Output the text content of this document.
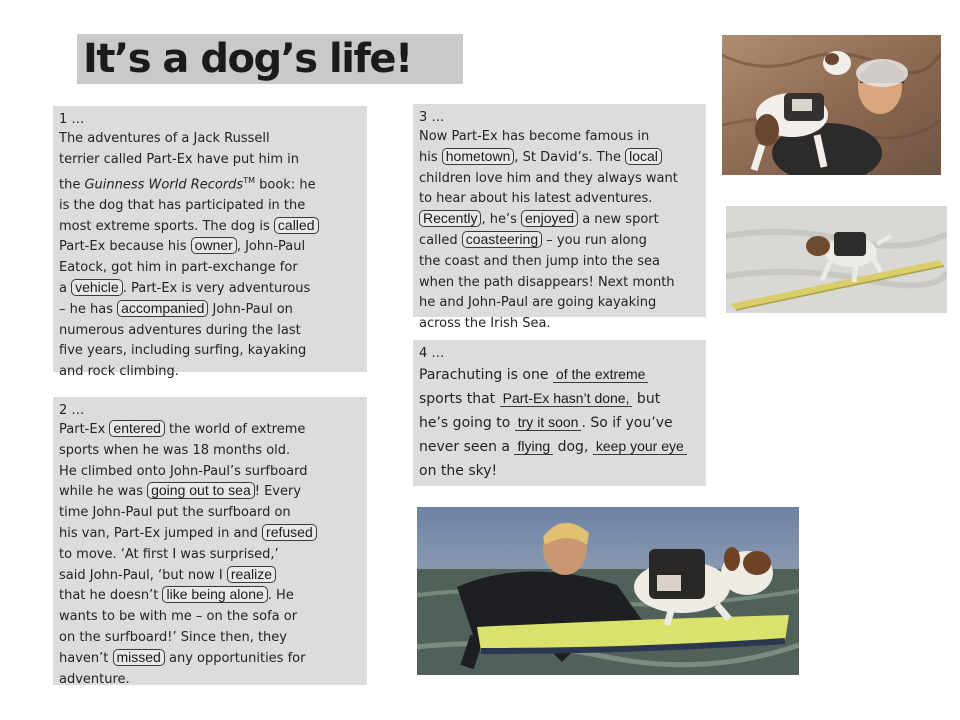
It’s a dog’s life!
1 …

The adventures of a Jack Russell

terrier called Part-Ex have put him in

the Guinness World Records™ book: he

is the dog that has participated in the

most extreme sports. The dog is called

Part-Ex because his owner , John-Paul

Eatock, got him in part-exchange for

a vehicle . Part-Ex is very adventurous

– he has accompanied John-Paul on

numerous adventures during the last

five years, including surfing, kayaking

and rock climbing.

2 …

Part-Ex entered the world of extreme

sports when he was 18 months old.

He climbed onto John-Paul’s surfboard

while he was going out to sea ! Every

time John-Paul put the surfboard on

his van, Part-Ex jumped in and refused

to move. ‘At first I was surprised,’

said John-Paul, ‘but now I realize

that he doesn’t like being alone . He

wants to be with me – on the sofa or

on the surfboard!’ Since then, they

haven’t missed any opportunities for

adventure.

3 …

Now Part-Ex has become famous in

his hometown , St David’s. The local

children love him and they always want

to hear about his latest adventures.

Recently , he’s enjoyed a new sport

called coasteering – you run along

the coast and then jump into the sea

when the path disappears! Next month

he and John-Paul are going kayaking

across the Irish Sea.

4 …

Parachuting is one of the extreme

sports that Part-Ex hasn’t done, but

he’s going to try it soon . So if you’ve

never seen a flying dog, keep your eye

on the sky!
